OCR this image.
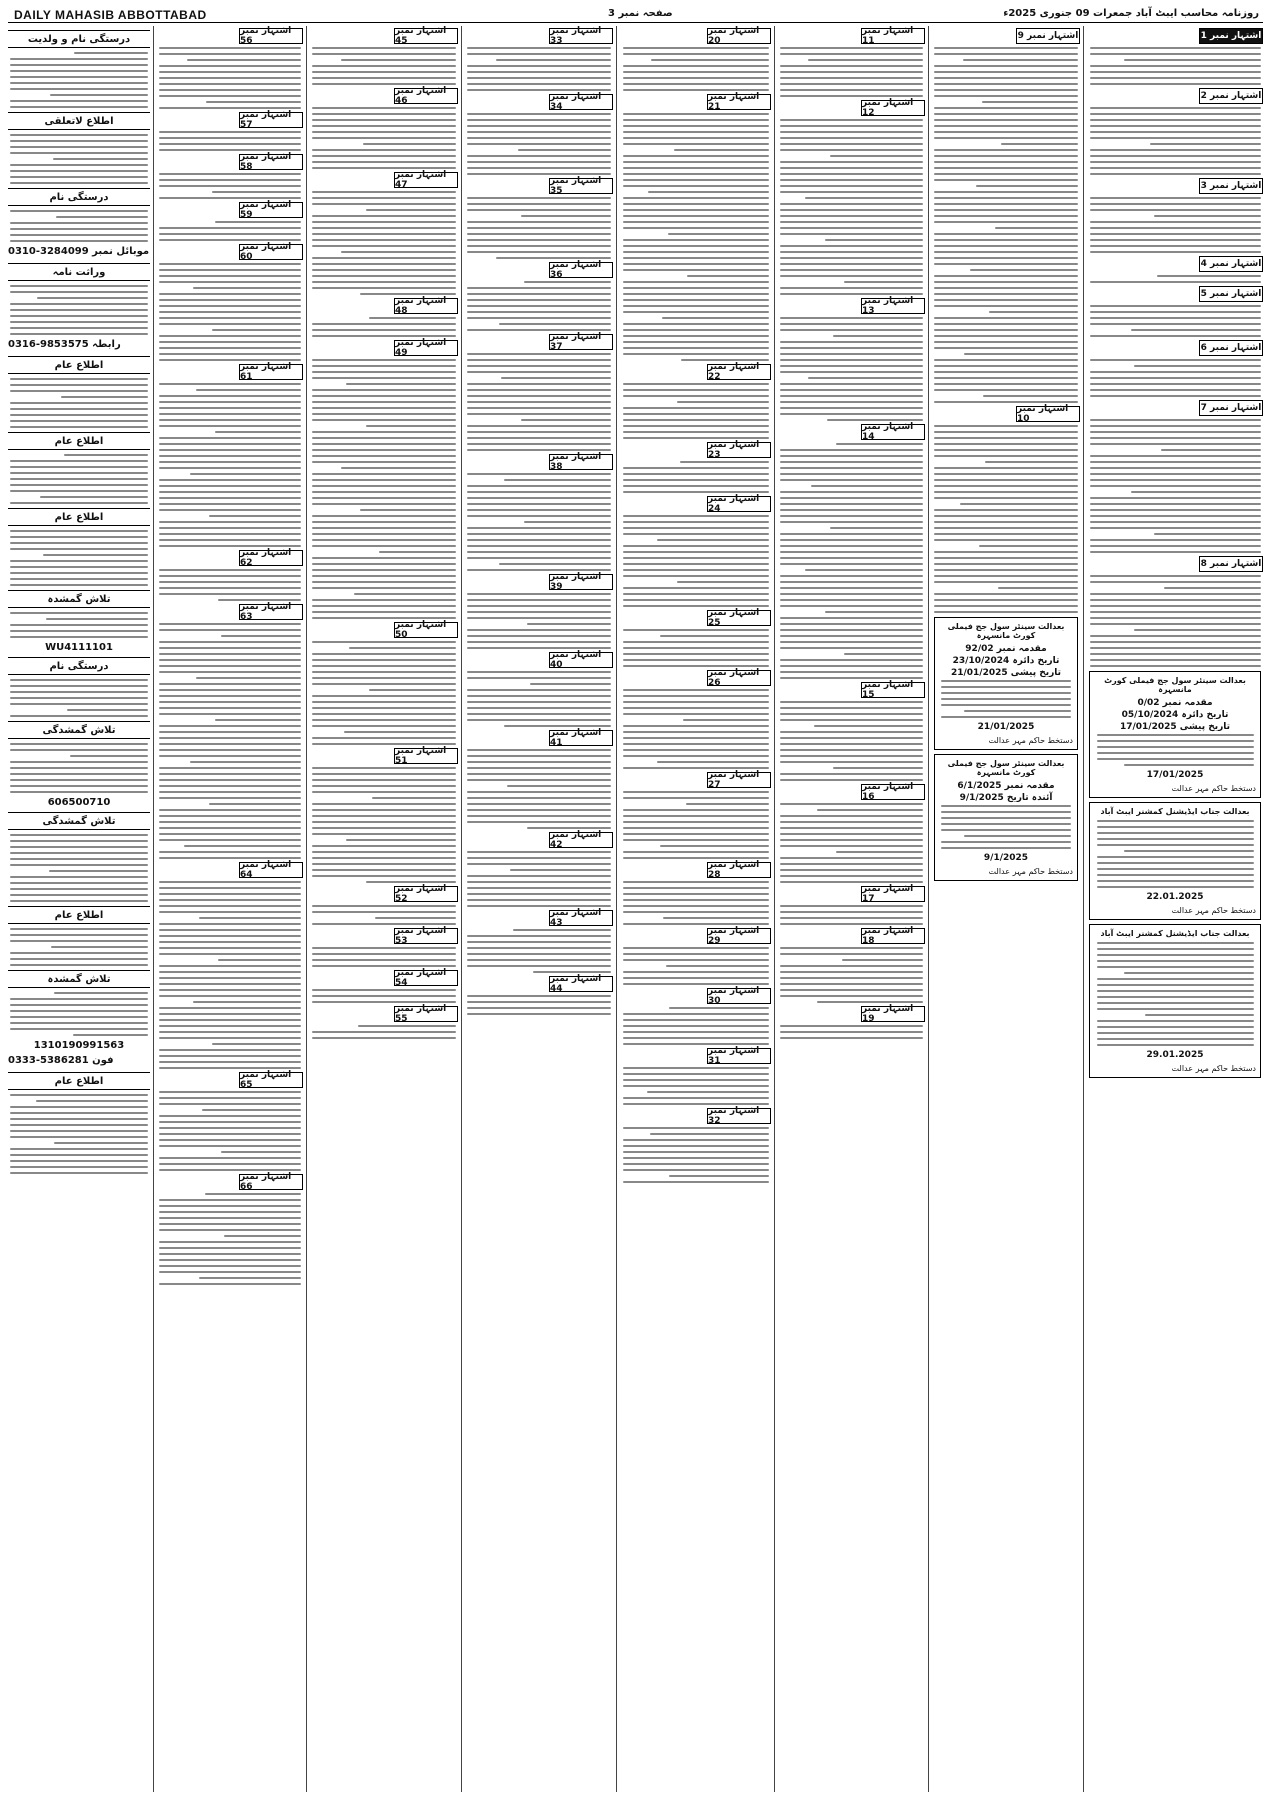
DAILY MAHASIB ABBOTTABAD	صفحہ نمبر 3	روزنامہ محاسب ایبٹ آباد جمعرات 09 جنوری 2025ء
درستگی نام و ولدیت
اطلاع لاتعلقی
درستگی نام
0310-3284099 موبائل نمبر
وراثت نامہ
0316-9853575 رابطہ
اطلاع عام
اطلاع عام
اطلاع عام
تلاش گمشدہ
WU4111101
درستگی نام
تلاش گمشدگی
606500710
تلاش گمشدگی
اطلاع عام
تلاش گمشدہ
1310190991563
0333-5386281 فون
اطلاع عام
اشتہار نمبر 56
اشتہار نمبر 57
اشتہار نمبر 58
اشتہار نمبر 59
اشتہار نمبر 60
اشتہار نمبر 61
اشتہار نمبر 62
اشتہار نمبر 63
اشتہار نمبر 64
اشتہار نمبر 65
اشتہار نمبر 66
اشتہار نمبر 45
اشتہار نمبر 46
اشتہار نمبر 47
اشتہار نمبر 48
اشتہار نمبر 49
اشتہار نمبر 50
اشتہار نمبر 51
اشتہار نمبر 52
اشتہار نمبر 53
اشتہار نمبر 54
اشتہار نمبر 55
اشتہار نمبر 33
اشتہار نمبر 34
اشتہار نمبر 35
اشتہار نمبر 36
اشتہار نمبر 37
اشتہار نمبر 38
اشتہار نمبر 39
اشتہار نمبر 40
اشتہار نمبر 41
اشتہار نمبر 42
اشتہار نمبر 43
اشتہار نمبر 44
اشتہار نمبر 20
اشتہار نمبر 21
اشتہار نمبر 22
اشتہار نمبر 23
اشتہار نمبر 24
اشتہار نمبر 25
اشتہار نمبر 26
اشتہار نمبر 27
اشتہار نمبر 28
اشتہار نمبر 29
اشتہار نمبر 30
اشتہار نمبر 31
اشتہار نمبر 32
اشتہار نمبر 11
اشتہار نمبر 12
اشتہار نمبر 13
اشتہار نمبر 14
اشتہار نمبر 15
اشتہار نمبر 16
اشتہار نمبر 17
اشتہار نمبر 18
اشتہار نمبر 19
اشتہار نمبر 9
اشتہار نمبر 10
بعدالت سینئر سول جج فیملی کورٹ مانسہرہ
مقدمہ نمبر 92/02
23/10/2024 تاریخ دائرہ
21/01/2025 تاریخ پیشی
21/01/2025
دستخط حاکم مہر عدالت
بعدالت سینئر سول جج فیملی کورٹ مانسہرہ
6/1/2025 مقدمہ نمبر
9/1/2025 آئندہ تاریخ
9/1/2025
دستخط حاکم مہر عدالت
اشتہار نمبر 1
اشتہار نمبر 2
اشتہار نمبر 3
اشتہار نمبر 4
اشتہار نمبر 5
اشتہار نمبر 6
اشتہار نمبر 7
اشتہار نمبر 8
بعدالت سینئر سول جج فیملی کورٹ مانسہرہ
مقدمہ نمبر 0/02
05/10/2024 تاریخ دائرہ
17/01/2025 تاریخ پیشی
17/01/2025
دستخط حاکم مہر عدالت
بعدالت جناب ایڈیشنل کمشنر ایبٹ آباد
22.01.2025
دستخط حاکم مہر عدالت
بعدالت جناب ایڈیشنل کمشنر ایبٹ آباد
29.01.2025
دستخط حاکم مہر عدالت
